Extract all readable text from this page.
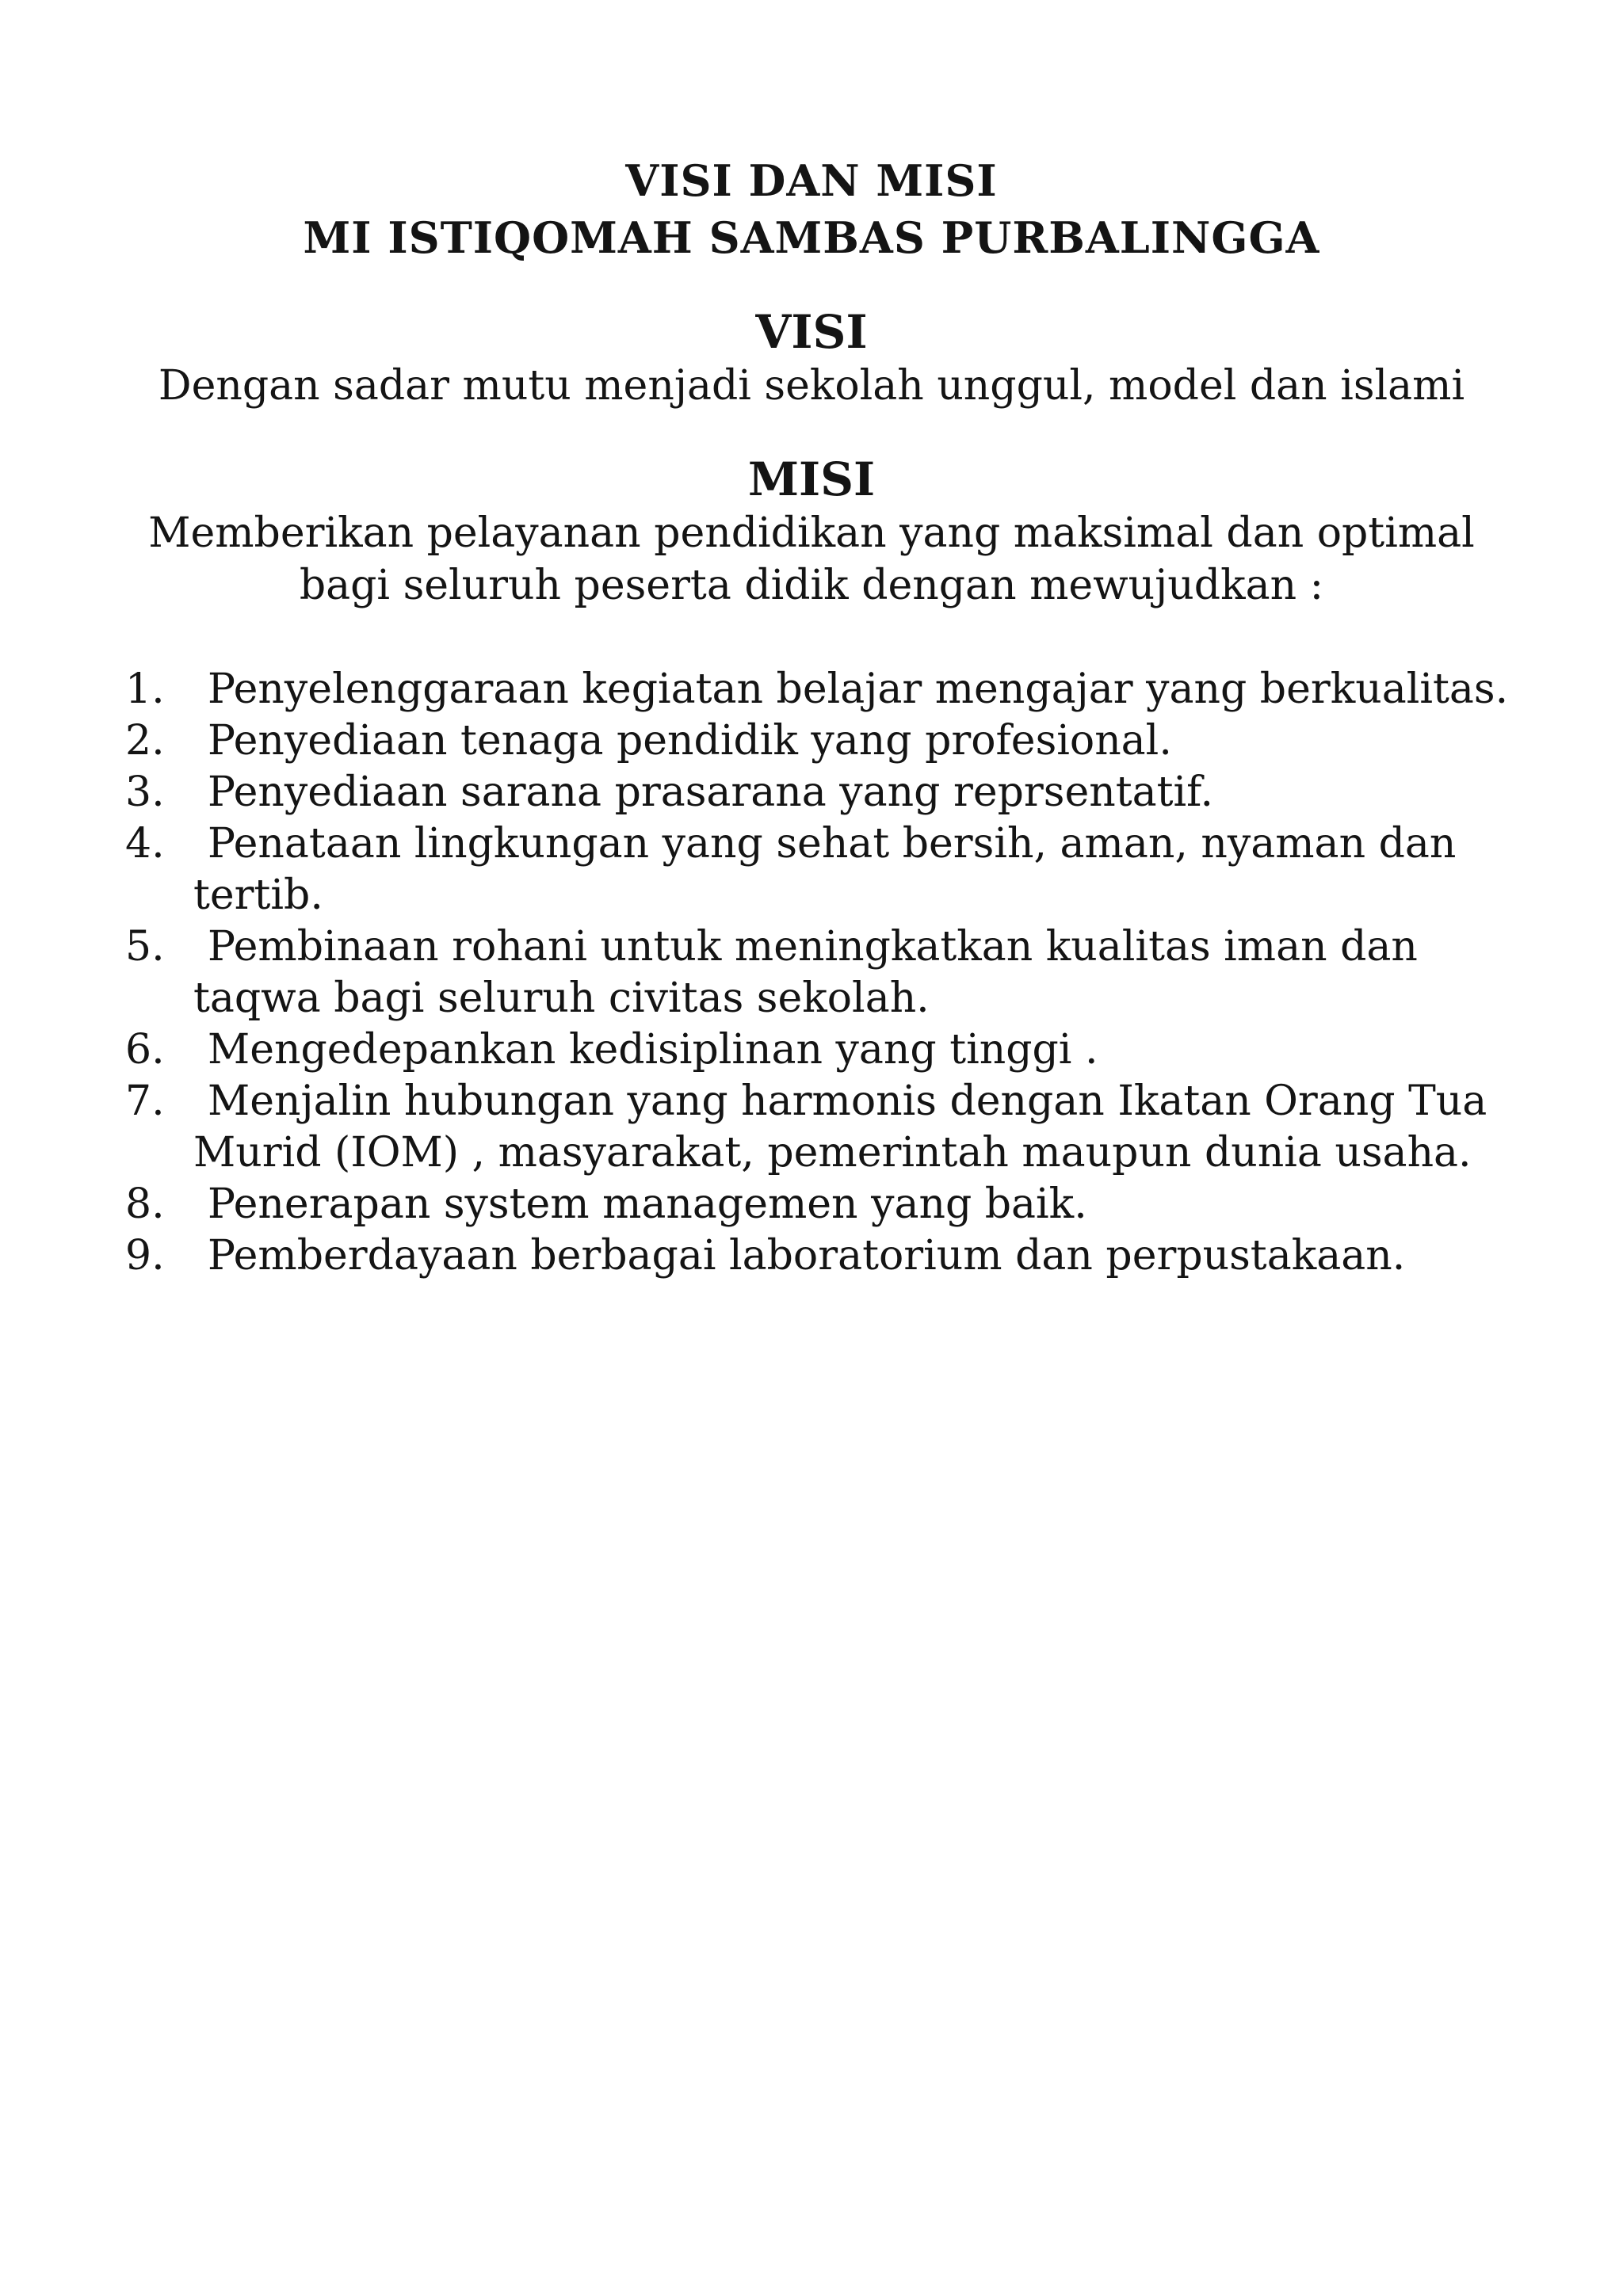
VISI DAN MISI

MI ISTIQOMAH SAMBAS PURBALINGGA

VISI

Dengan sadar mutu menjadi sekolah unggul, model dan islami

MISI

Memberikan pelayanan pendidikan yang maksimal dan optimal

bagi seluruh peserta didik dengan mewujudkan :

1.	Penyelenggaraan kegiatan belajar mengajar yang berkualitas.
2.	Penyediaan tenaga pendidik yang profesional.
3.	Penyediaan sarana prasarana yang reprsentatif.
4.	Penataan lingkungan yang sehat bersih, aman, nyaman dan tertib.
5.	Pembinaan rohani untuk meningkatkan kualitas iman dan taqwa bagi seluruh civitas sekolah.
6.	Mengedepankan kedisiplinan yang tinggi .
7.	Menjalin hubungan yang harmonis dengan Ikatan Orang Tua Murid (IOM) , masyarakat, pemerintah maupun dunia usaha.
8.	Penerapan system managemen yang baik.
9.	Pemberdayaan berbagai laboratorium dan perpustakaan.
